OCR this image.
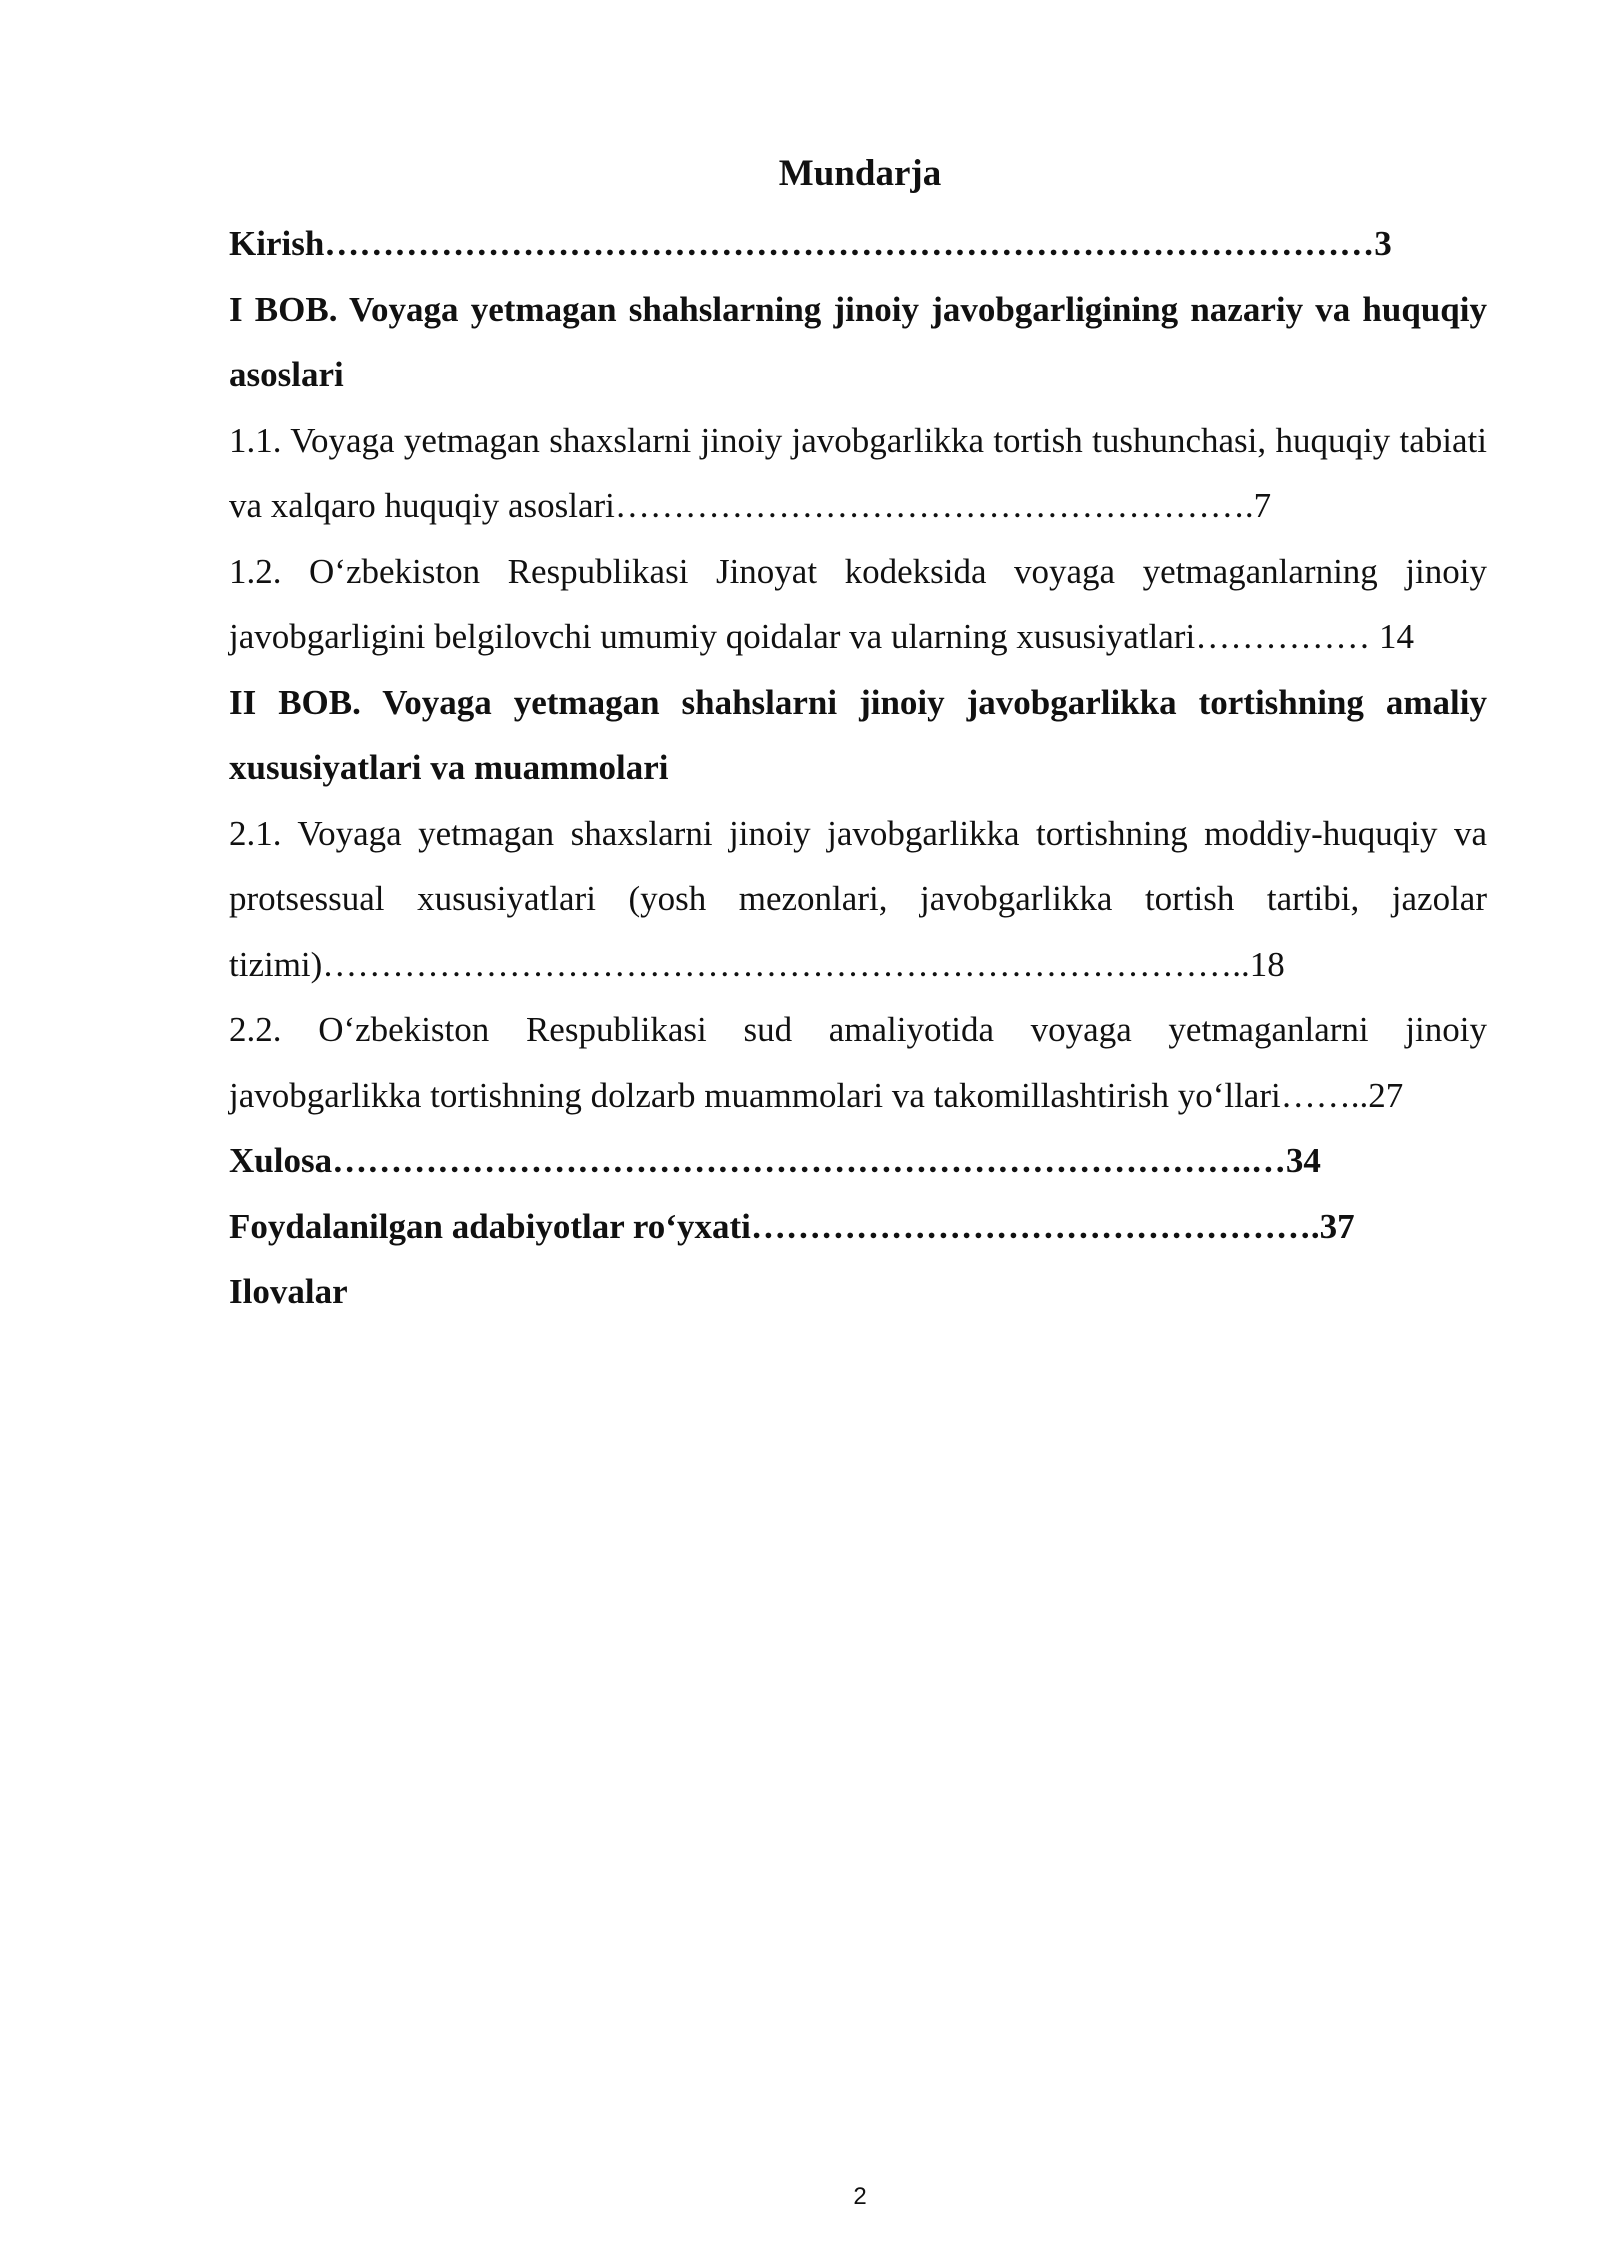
Mundarja

Kirish………………………………………………………………………………3

I BOB. Voyaga yetmagan shahslarning jinoiy javobgarligining nazariy va huquqiy asoslari

1.1. Voyaga yetmagan shaxslarni jinoiy javobgarlikka tortish tushunchasi, huquqiy tabiati va xalqaro huquqiy asoslari……………………………………………….7

1.2. O‘zbekiston Respublikasi Jinoyat kodeksida voyaga yetmaganlarning jinoiy javobgarligini belgilovchi umumiy qoidalar va ularning xususiyatlari…………… 14

II BOB. Voyaga yetmagan shahslarni jinoiy javobgarlikka tortishning amaliy xususiyatlari va muammolari

2.1. Voyaga yetmagan shaxslarni jinoiy javobgarlikka tortishning moddiy-huquqiy va protsessual xususiyatlari (yosh mezonlari, javobgarlikka tortish tartibi, jazolar tizimi)……………………………………………………………………..18

2.2. O‘zbekiston Respublikasi sud amaliyotida voyaga yetmaganlarni jinoiy javobgarlikka tortishning dolzarb muammolari va takomillashtirish yo‘llari……..27

Xulosa…………………………………………………………………….…34

Foydalanilgan adabiyotlar ro‘yxati………………………………………….37

Ilovalar

2
